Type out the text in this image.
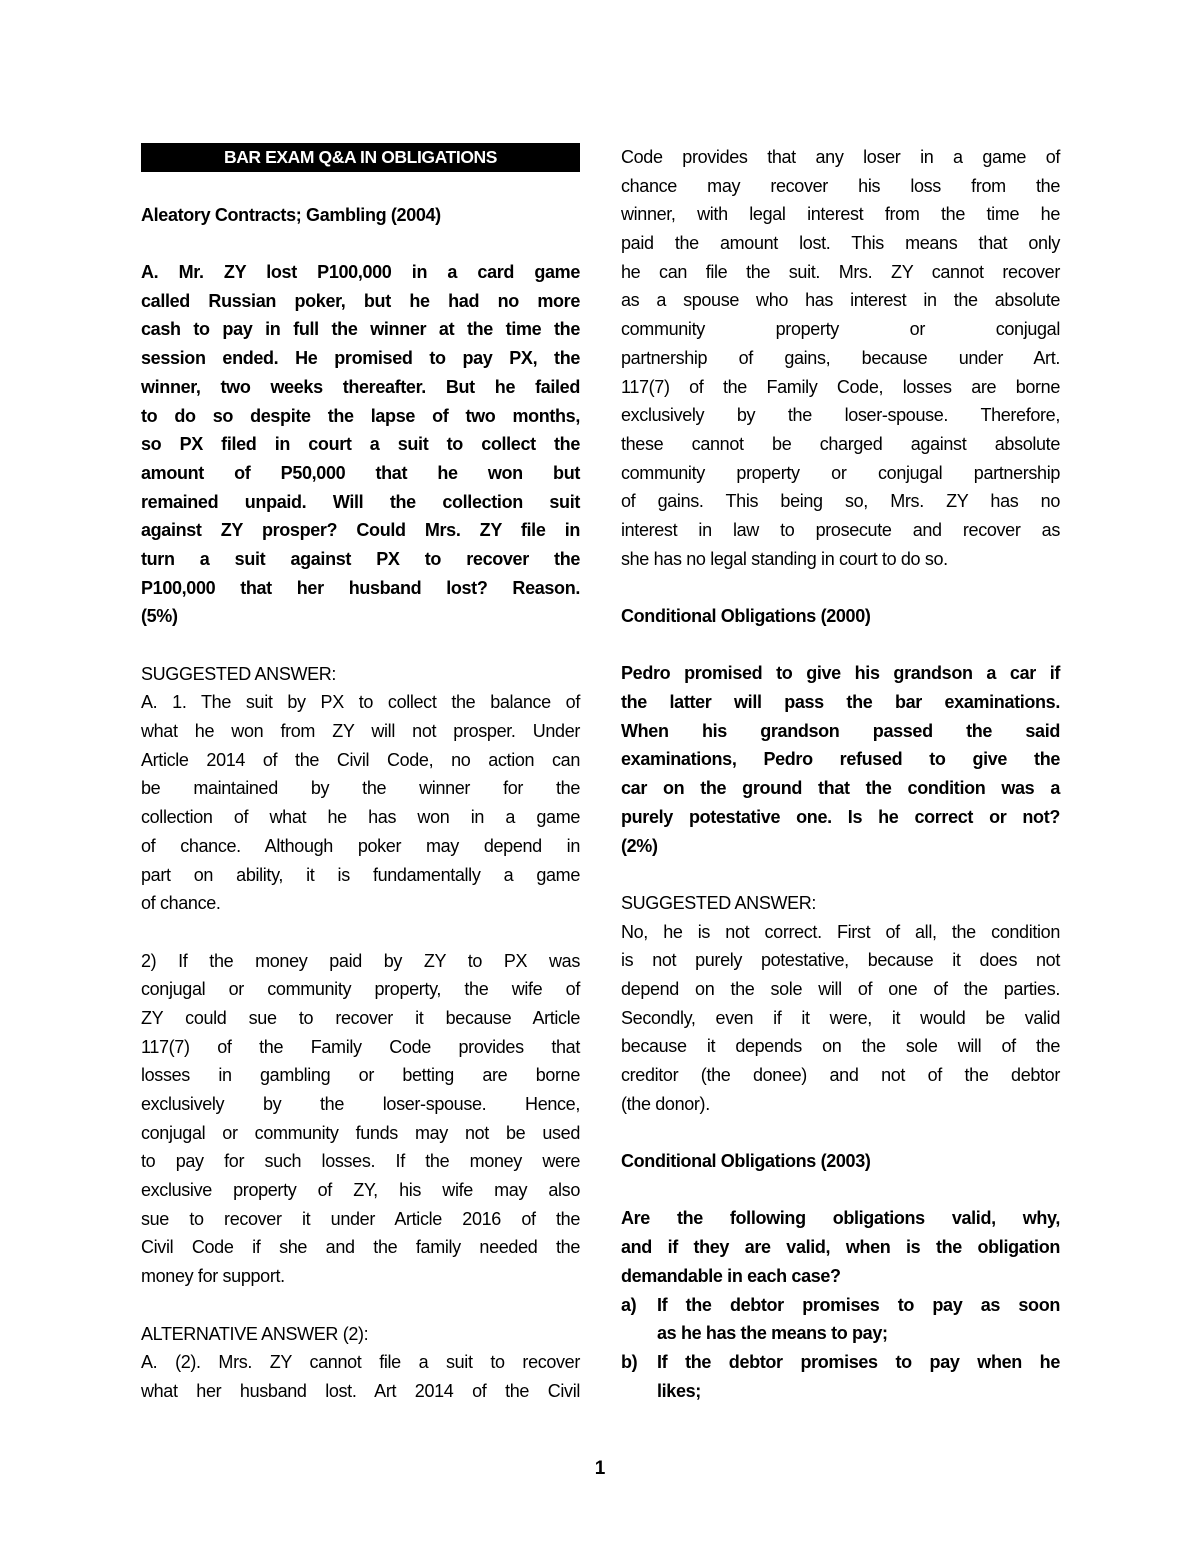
BAR EXAM Q&A IN OBLIGATIONS
Aleatory Contracts; Gambling (2004)
A. Mr. ZY lost P100,000 in a card game
called Russian poker, but he had no more
cash to pay in full the winner at the time the
session ended. He promised to pay PX, the
winner, two weeks thereafter. But he failed
to do so despite the lapse of two months,
so PX filed in court a suit to collect the
amount of P50,000 that he won but
remained unpaid. Will the collection suit
against ZY prosper? Could Mrs. ZY file in
turn a suit against PX to recover the
P100,000 that her husband lost? Reason.
(5%)
SUGGESTED ANSWER:
A. 1. The suit by PX to collect the balance of
what he won from ZY will not prosper. Under
Article 2014 of the Civil Code, no action can
be maintained by the winner for the
collection of what he has won in a game
of chance. Although poker may depend in
part on ability, it is fundamentally a game
of chance.
2) If the money paid by ZY to PX was
conjugal or community property, the wife of
ZY could sue to recover it because Article
117(7) of the Family Code provides that
losses in gambling or betting are borne
exclusively by the loser-spouse. Hence,
conjugal or community funds may not be used
to pay for such losses. If the money were
exclusive property of ZY, his wife may also
sue to recover it under Article 2016 of the
Civil Code if she and the family needed the
money for support.
ALTERNATIVE ANSWER (2):
A. (2). Mrs. ZY cannot file a suit to recover
what her husband lost. Art 2014 of the Civil
Code provides that any loser in a game of
chance may recover his loss from the
winner, with legal interest from the time he
paid the amount lost. This means that only
he can file the suit. Mrs. ZY cannot recover
as a spouse who has interest in the absolute
community property or conjugal
partnership of gains, because under Art.
117(7) of the Family Code, losses are borne
exclusively by the loser-spouse. Therefore,
these cannot be charged against absolute
community property or conjugal partnership
of gains. This being so, Mrs. ZY has no
interest in law to prosecute and recover as
she has no legal standing in court to do so.
Conditional Obligations (2000)
Pedro promised to give his grandson a car if
the latter will pass the bar examinations.
When his grandson passed the said
examinations, Pedro refused to give the
car on the ground that the condition was a
purely potestative one. Is he correct or not?
(2%)
SUGGESTED ANSWER:
No, he is not correct. First of all, the condition
is not purely potestative, because it does not
depend on the sole will of one of the parties.
Secondly, even if it were, it would be valid
because it depends on the sole will of the
creditor (the donee) and not of the debtor
(the donor).
Conditional Obligations (2003)
Are the following obligations valid, why,
and if they are valid, when is the obligation
demandable in each case?
a)	If the debtor promises to pay as soon
as he has the means to pay;
b)	If the debtor promises to pay when he
likes;
1
